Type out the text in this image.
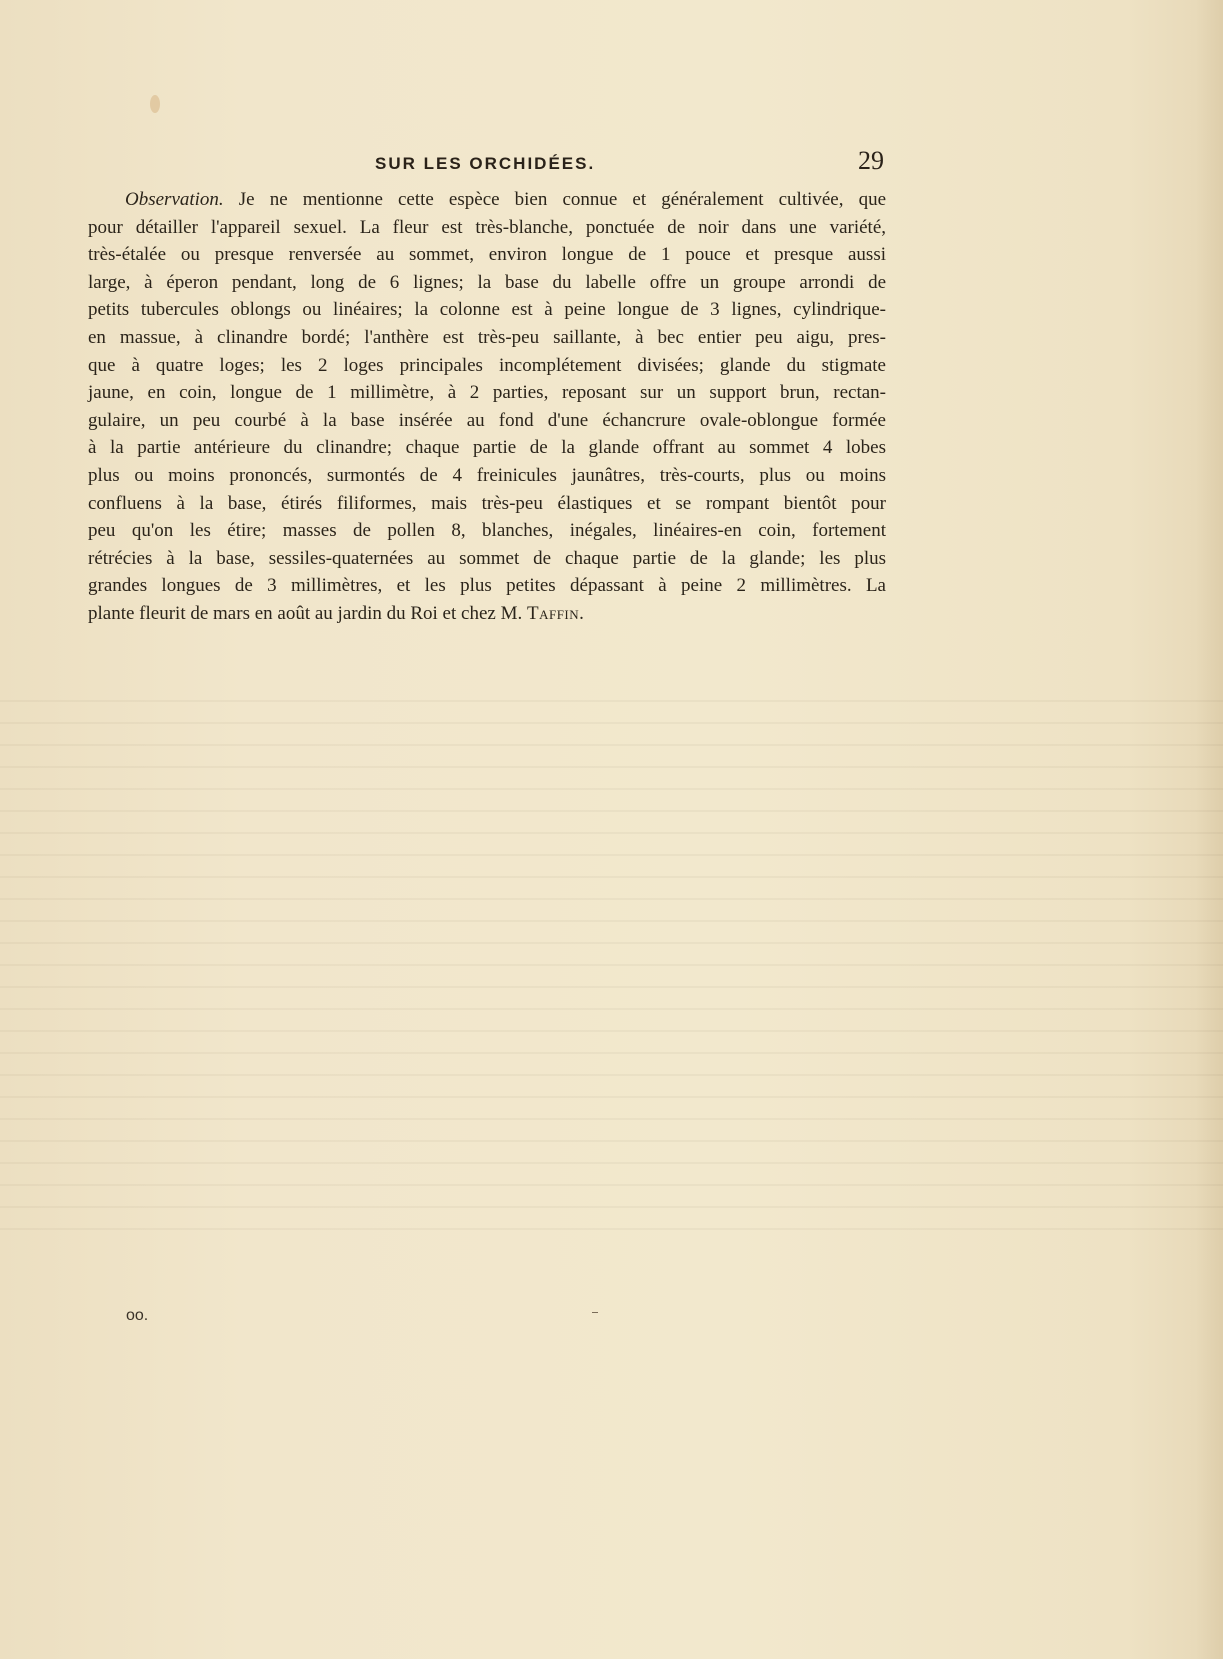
SUR LES ORCHIDÉES.	29
Observation. Je ne mentionne cette espèce bien connue et généralement cultivée, que
pour détailler l'appareil sexuel. La fleur est très-blanche, ponctuée de noir dans une variété,
très-étalée ou presque renversée au sommet, environ longue de 1 pouce et presque aussi
large, à éperon pendant, long de 6 lignes; la base du labelle offre un groupe arrondi de
petits tubercules oblongs ou linéaires; la colonne est à peine longue de 3 lignes, cylindrique-
en massue, à clinandre bordé; l'anthère est très-peu saillante, à bec entier peu aigu, pres-
que à quatre loges; les 2 loges principales incomplétement divisées; glande du stigmate
jaune, en coin, longue de 1 millimètre, à 2 parties, reposant sur un support brun, rectan-
gulaire, un peu courbé à la base insérée au fond d'une échancrure ovale-oblongue formée
à la partie antérieure du clinandre; chaque partie de la glande offrant au sommet 4 lobes
plus ou moins prononcés, surmontés de 4 freinicules jaunâtres, très-courts, plus ou moins
confluens à la base, étirés filiformes, mais très-peu élastiques et se rompant bientôt pour
peu qu'on les étire; masses de pollen 8, blanches, inégales, linéaires-en coin, fortement
rétrécies à la base, sessiles-quaternées au sommet de chaque partie de la glande; les plus
grandes longues de 3 millimètres, et les plus petites dépassant à peine 2 millimètres. La
plante fleurit de mars en août au jardin du Roi et chez M. Taffin.
oo.
